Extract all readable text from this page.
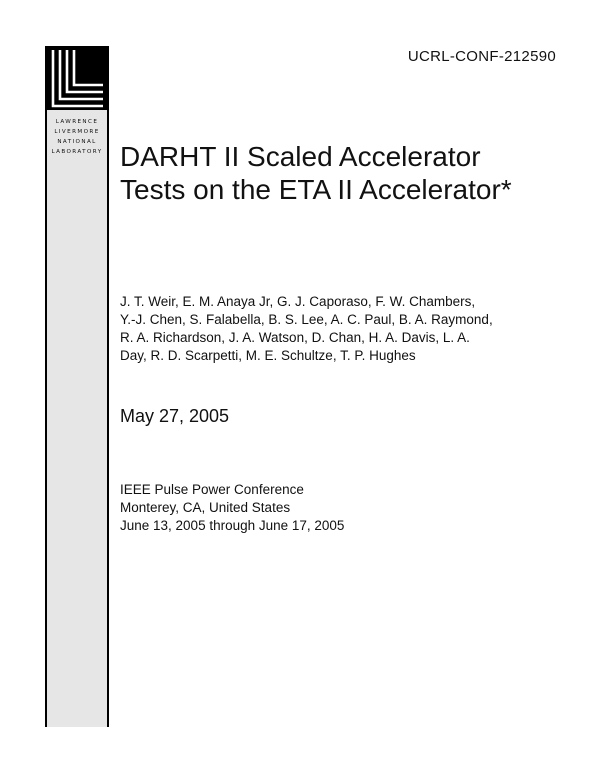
LAWRENCE
LIVERMORE
NATIONAL
LABORATORY
UCRL-CONF-212590
DARHT II Scaled Accelerator
Tests on the ETA II Accelerator*
J. T. Weir, E. M. Anaya Jr, G. J. Caporaso, F. W. Chambers,
Y.-J. Chen, S. Falabella, B. S. Lee, A. C. Paul, B. A. Raymond,
R. A. Richardson, J. A. Watson, D. Chan, H. A. Davis, L. A.
Day, R. D. Scarpetti, M. E. Schultze, T. P. Hughes
May 27, 2005
IEEE Pulse Power Conference
Monterey, CA, United States
June 13, 2005 through June 17, 2005
